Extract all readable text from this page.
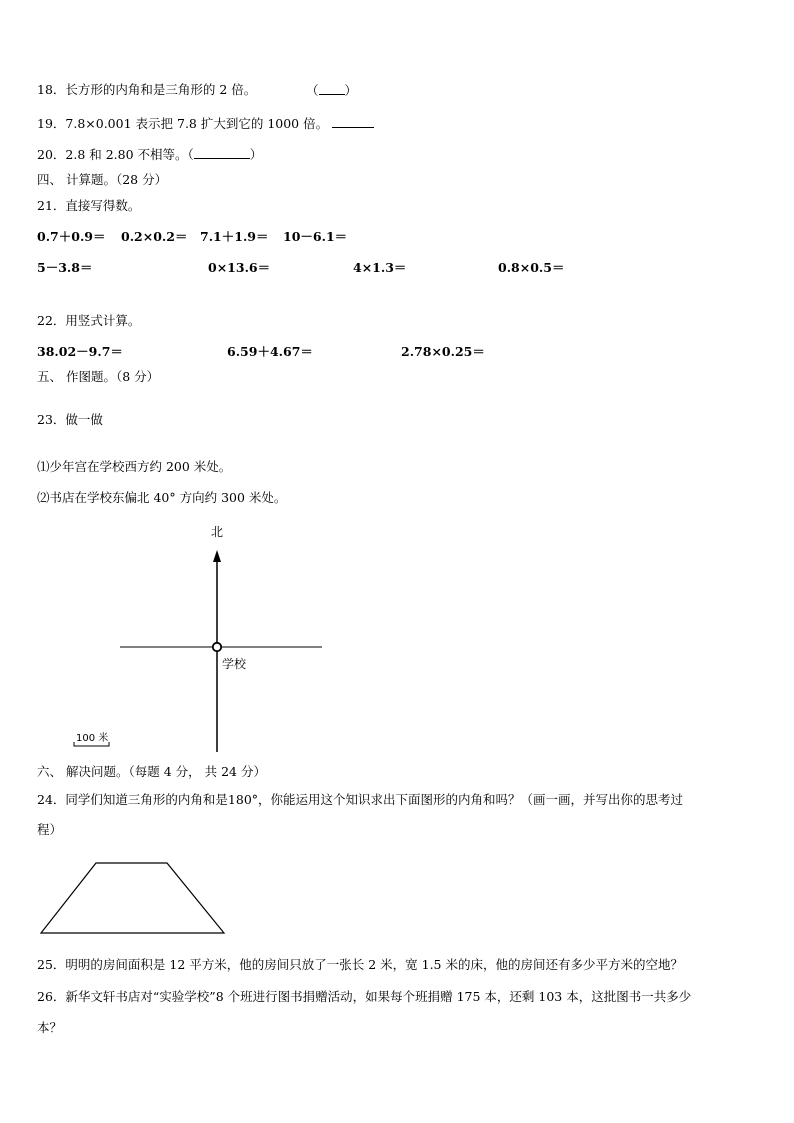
18．长方形的内角和是三角形的 2 倍。	（ ）
19．7.8×0.001 表示把 7.8 扩大到它的 1000 倍。
20．2.8 和 2.80 不相等。（	）
四、 计算题。（28 分）
21．直接写得数。
0.7＋0.9＝ 0.2×0.2＝ 7.1＋1.9＝ 10－6.1＝
5－3.8＝	0×13.6＝	4×1.3＝	0.8×0.5＝
22．用竖式计算。
38.02－9.7＝	6.59＋4.67＝	2.78×0.25＝
五、 作图题。（8 分）
23．做一做
⑴少年宫在学校西方约 200 米处。
⑵书店在学校东偏北 40° 方向约 300 米处。
北
学校
100 米
六、 解决问题。（每题 4 分， 共 24 分）
24．同学们知道三角形的内角和是180°，你能运用这个知识求出下面图形的内角和吗？（画一画，并写出你的思考过
程）
25．明明的房间面积是 12 平方米，他的房间只放了一张长 2 米，宽 1.5 米的床，他的房间还有多少平方米的空地？
26．新华文轩书店对“实验学校”8 个班进行图书捐赠活动，如果每个班捐赠 175 本，还剩 103 本，这批图书一共多少
本？
